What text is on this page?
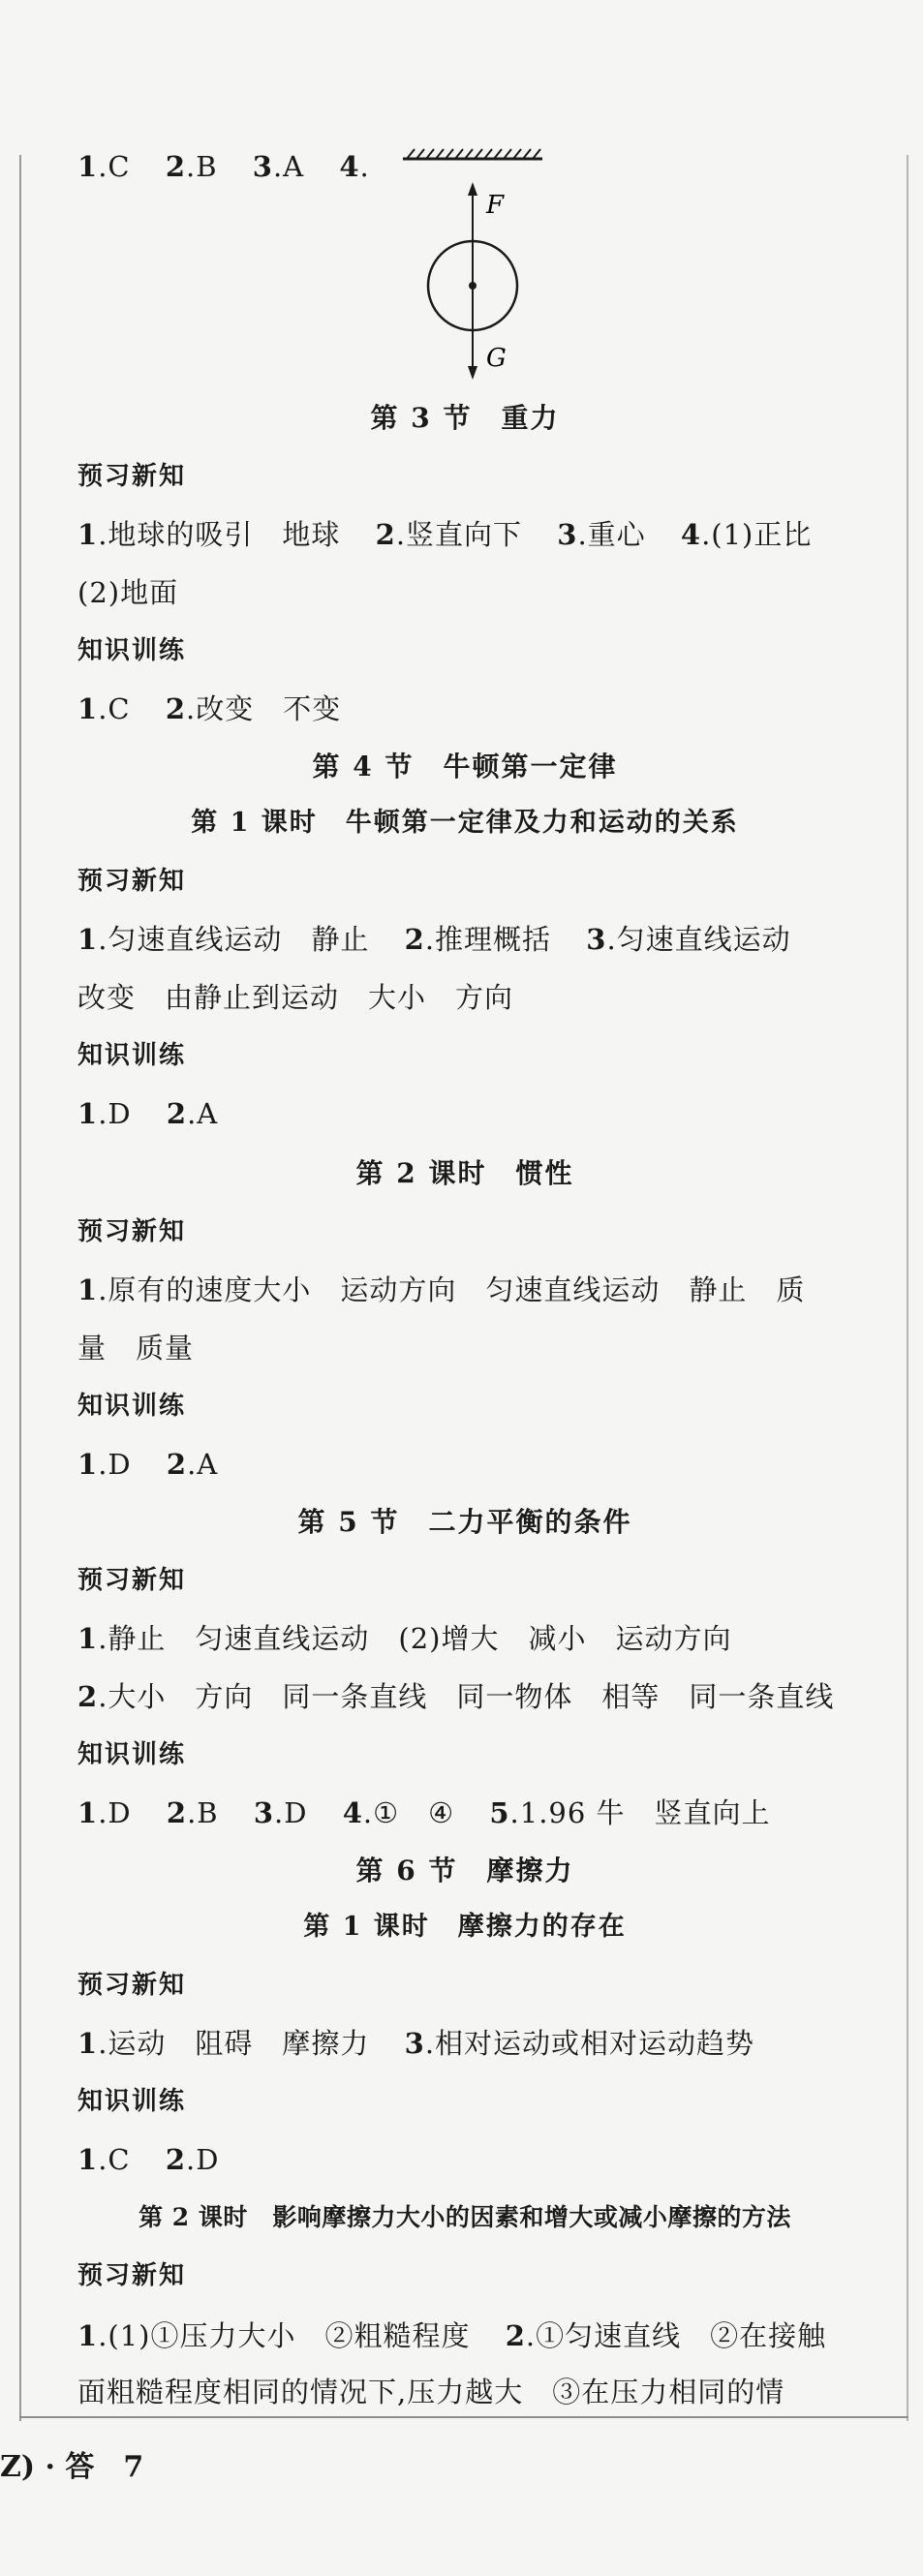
1.C 2.B 3.A 4.
F
G
第 3 节　重力
预习新知
1.地球的吸引　地球 2.竖直向下 3.重心 4.(1)正比
(2)地面
知识训练
1.C 2.改变　不变
第 4 节　牛顿第一定律
第 1 课时　牛顿第一定律及力和运动的关系
预习新知
1.匀速直线运动　静止 2.推理概括 3.匀速直线运动
改变　由静止到运动　大小　方向
知识训练
1.D 2.A
第 2 课时　惯性
预习新知
1.原有的速度大小　运动方向　匀速直线运动　静止　质
量　质量
知识训练
1.D 2.A
第 5 节　二力平衡的条件
预习新知
1.静止　匀速直线运动　(2)增大　减小　运动方向
2.大小　方向　同一条直线　同一物体　相等　同一条直线
知识训练
1.D 2.B 3.D 4.①　④ 5.1.96 牛　竖直向上
第 6 节　摩擦力
第 1 课时　摩擦力的存在
预习新知
1.运动　阻碍　摩擦力 3.相对运动或相对运动趋势
知识训练
1.C 2.D
第 2 课时　影响摩擦力大小的因素和增大或减小摩擦的方法
预习新知
1.(1)①压力大小　②粗糙程度 2.①匀速直线　②在接触
面粗糙程度相同的情况下,压力越大　③在压力相同的情
Z) · 答　7
